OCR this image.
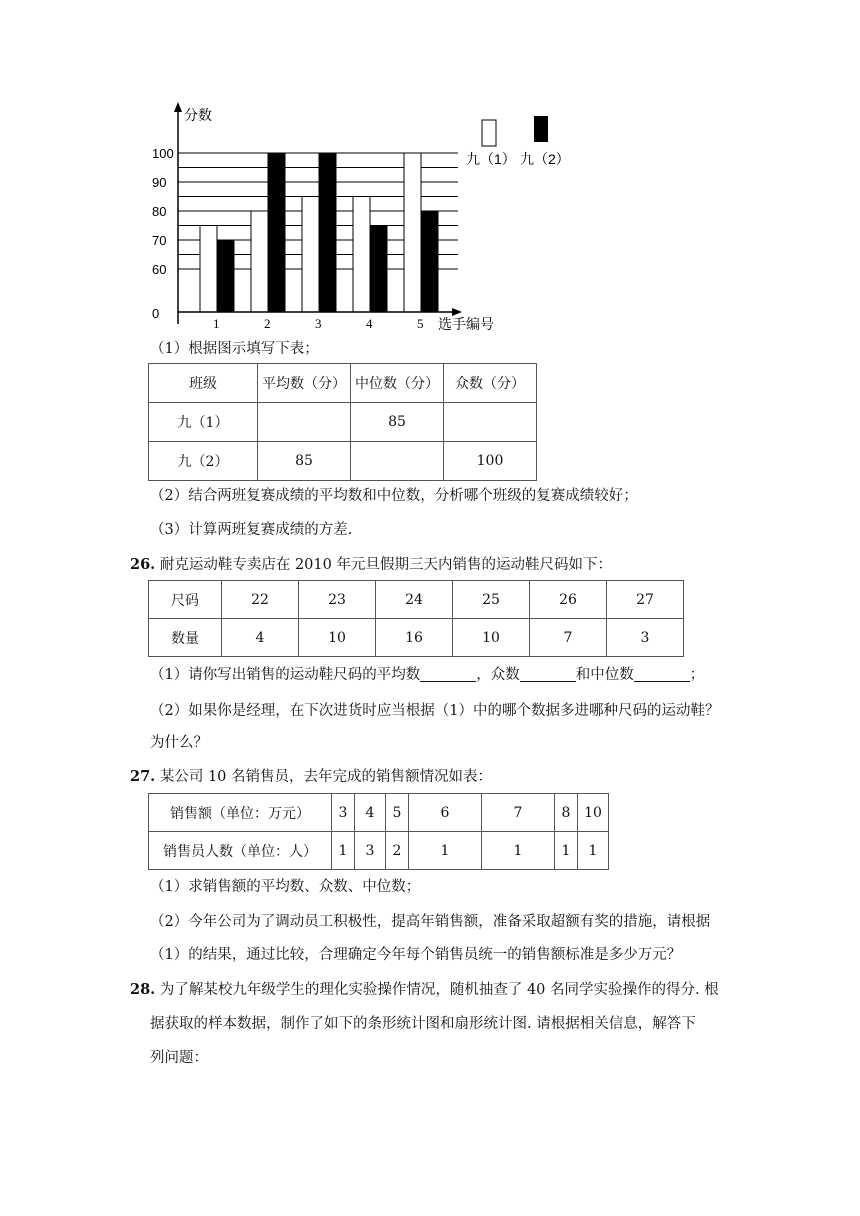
分数
选手编号
0
60
70
80
90
100
1	2	3	4	5
九（1） 九（2）
（1）根据图示填写下表；
班级	平均数（分）	中位数（分）	众数（分）
九（1）		85	
九（2）	85		100
（2）结合两班复赛成绩的平均数和中位数，分析哪个班级的复赛成绩较好；
（3）计算两班复赛成绩的方差.
26. 耐克运动鞋专卖店在 2010 年元旦假期三天内销售的运动鞋尺码如下：
尺码	22	23	24	25	26	27
数量	4	10	16	10	7	3
（1）请你写出销售的运动鞋尺码的平均数	，众数	和中位数	；
（2）如果你是经理，在下次进货时应当根据（1）中的哪个数据多进哪种尺码的运动鞋？
为什么？
27. 某公司 10 名销售员，去年完成的销售额情况如表：
销售额（单位：万元）	3	4	5	6	7	8	10
销售员人数（单位：人）	1	3	2	1	1	1	1
（1）求销售额的平均数、众数、中位数；
（2）今年公司为了调动员工积极性，提高年销售额，准备采取超额有奖的措施，请根据
（1）的结果，通过比较，合理确定今年每个销售员统一的销售额标准是多少万元？
28. 为了解某校九年级学生的理化实验操作情况，随机抽查了 40 名同学实验操作的得分. 根
据获取的样本数据，制作了如下的条形统计图和扇形统计图. 请根据相关信息，解答下
列问题：
